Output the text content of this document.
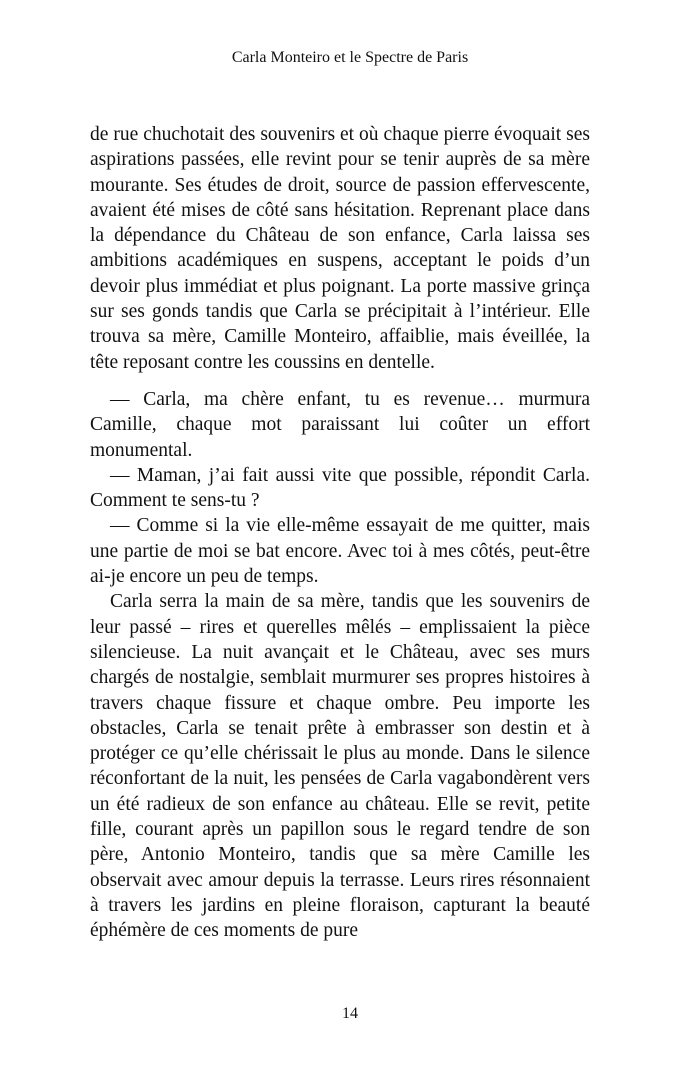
Carla Monteiro et le Spectre de Paris

de rue chuchotait des souvenirs et où chaque pierre évoquait ses aspirations passées, elle revint pour se tenir auprès de sa mère mourante. Ses études de droit, source de passion effervescente, avaient été mises de côté sans hésitation. Reprenant place dans la dépendance du Château de son enfance, Carla laissa ses ambitions académiques en suspens, acceptant le poids d’un devoir plus immédiat et plus poignant. La porte massive grinça sur ses gonds tandis que Carla se précipitait à l’intérieur. Elle trouva sa mère, Camille Monteiro, affaiblie, mais éveillée, la tête reposant contre les coussins en dentelle.

— Carla, ma chère enfant, tu es revenue… murmura Camille, chaque mot paraissant lui coûter un effort monumental.

— Maman, j’ai fait aussi vite que possible, répondit Carla. Comment te sens-tu ?

— Comme si la vie elle-même essayait de me quitter, mais une partie de moi se bat encore. Avec toi à mes côtés, peut-être ai-je encore un peu de temps.

Carla serra la main de sa mère, tandis que les souvenirs de leur passé – rires et querelles mêlés – emplissaient la pièce silencieuse. La nuit avançait et le Château, avec ses murs chargés de nostalgie, semblait murmurer ses propres histoires à travers chaque fissure et chaque ombre. Peu importe les obstacles, Carla se tenait prête à embrasser son destin et à protéger ce qu’elle chérissait le plus au monde. Dans le silence réconfortant de la nuit, les pensées de Carla vagabondèrent vers un été radieux de son enfance au château. Elle se revit, petite fille, courant après un papillon sous le regard tendre de son père, Antonio Monteiro, tandis que sa mère Camille les observait avec amour depuis la terrasse. Leurs rires résonnaient à travers les jardins en pleine floraison, capturant la beauté éphémère de ces moments de pure

14
